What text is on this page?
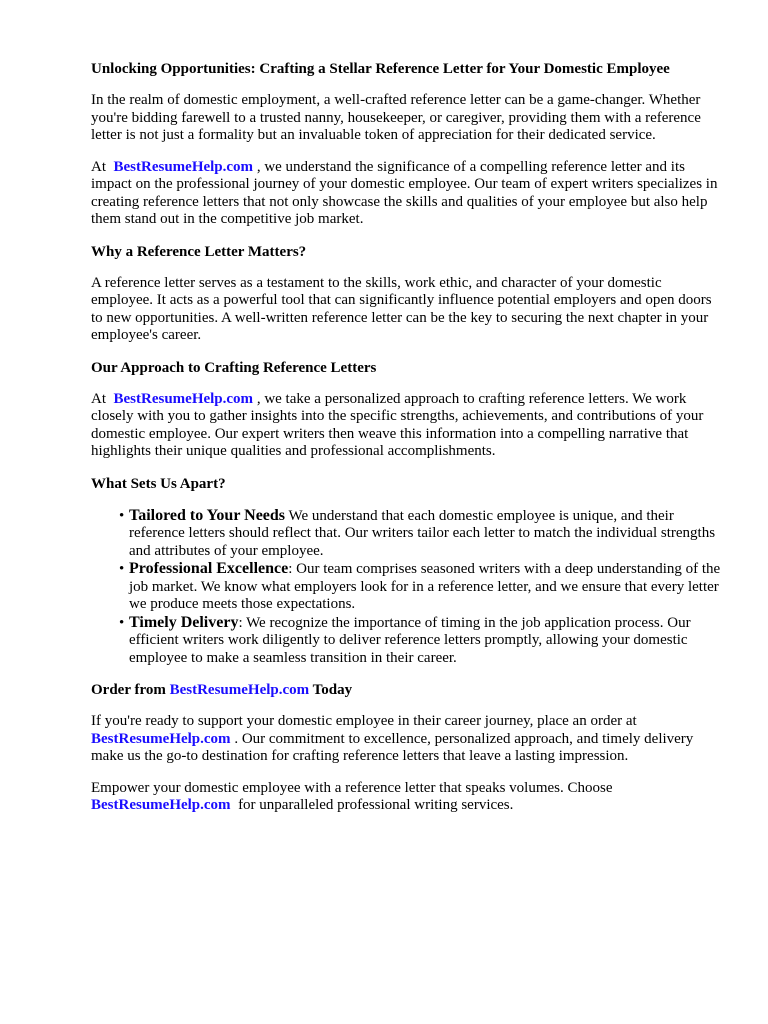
Unlocking Opportunities: Crafting a Stellar Reference Letter for Your Domestic Employee

In the realm of domestic employment, a well-crafted reference letter can be a game-changer. Whether you're bidding farewell to a trusted nanny, housekeeper, or caregiver, providing them with a reference letter is not just a formality but an invaluable token of appreciation for their dedicated service.

At BestResumeHelp.com , we understand the significance of a compelling reference letter and its impact on the professional journey of your domestic employee. Our team of expert writers specializes in creating reference letters that not only showcase the skills and qualities of your employee but also help them stand out in the competitive job market.

Why a Reference Letter Matters?

A reference letter serves as a testament to the skills, work ethic, and character of your domestic employee. It acts as a powerful tool that can significantly influence potential employers and open doors to new opportunities. A well-written reference letter can be the key to securing the next chapter in your employee's career.

Our Approach to Crafting Reference Letters

At BestResumeHelp.com , we take a personalized approach to crafting reference letters. We work closely with you to gather insights into the specific strengths, achievements, and contributions of your domestic employee. Our expert writers then weave this information into a compelling narrative that highlights their unique qualities and professional accomplishments.

What Sets Us Apart?
• Tailored to Your Needs We understand that each domestic employee is unique, and their reference letters should reflect that. Our writers tailor each letter to match the individual strengths and attributes of your employee.
• Professional Excellence: Our team comprises seasoned writers with a deep understanding of the job market. We know what employers look for in a reference letter, and we ensure that every letter we produce meets those expectations.
• Timely Delivery: We recognize the importance of timing in the job application process. Our efficient writers work diligently to deliver reference letters promptly, allowing your domestic employee to make a seamless transition in their career.
Order from BestResumeHelp.com Today

If you're ready to support your domestic employee in their career journey, place an order at
BestResumeHelp.com . Our commitment to excellence, personalized approach, and timely delivery make us the go-to destination for crafting reference letters that leave a lasting impression.

Empower your domestic employee with a reference letter that speaks volumes. Choose
BestResumeHelp.com for unparalleled professional writing services.
